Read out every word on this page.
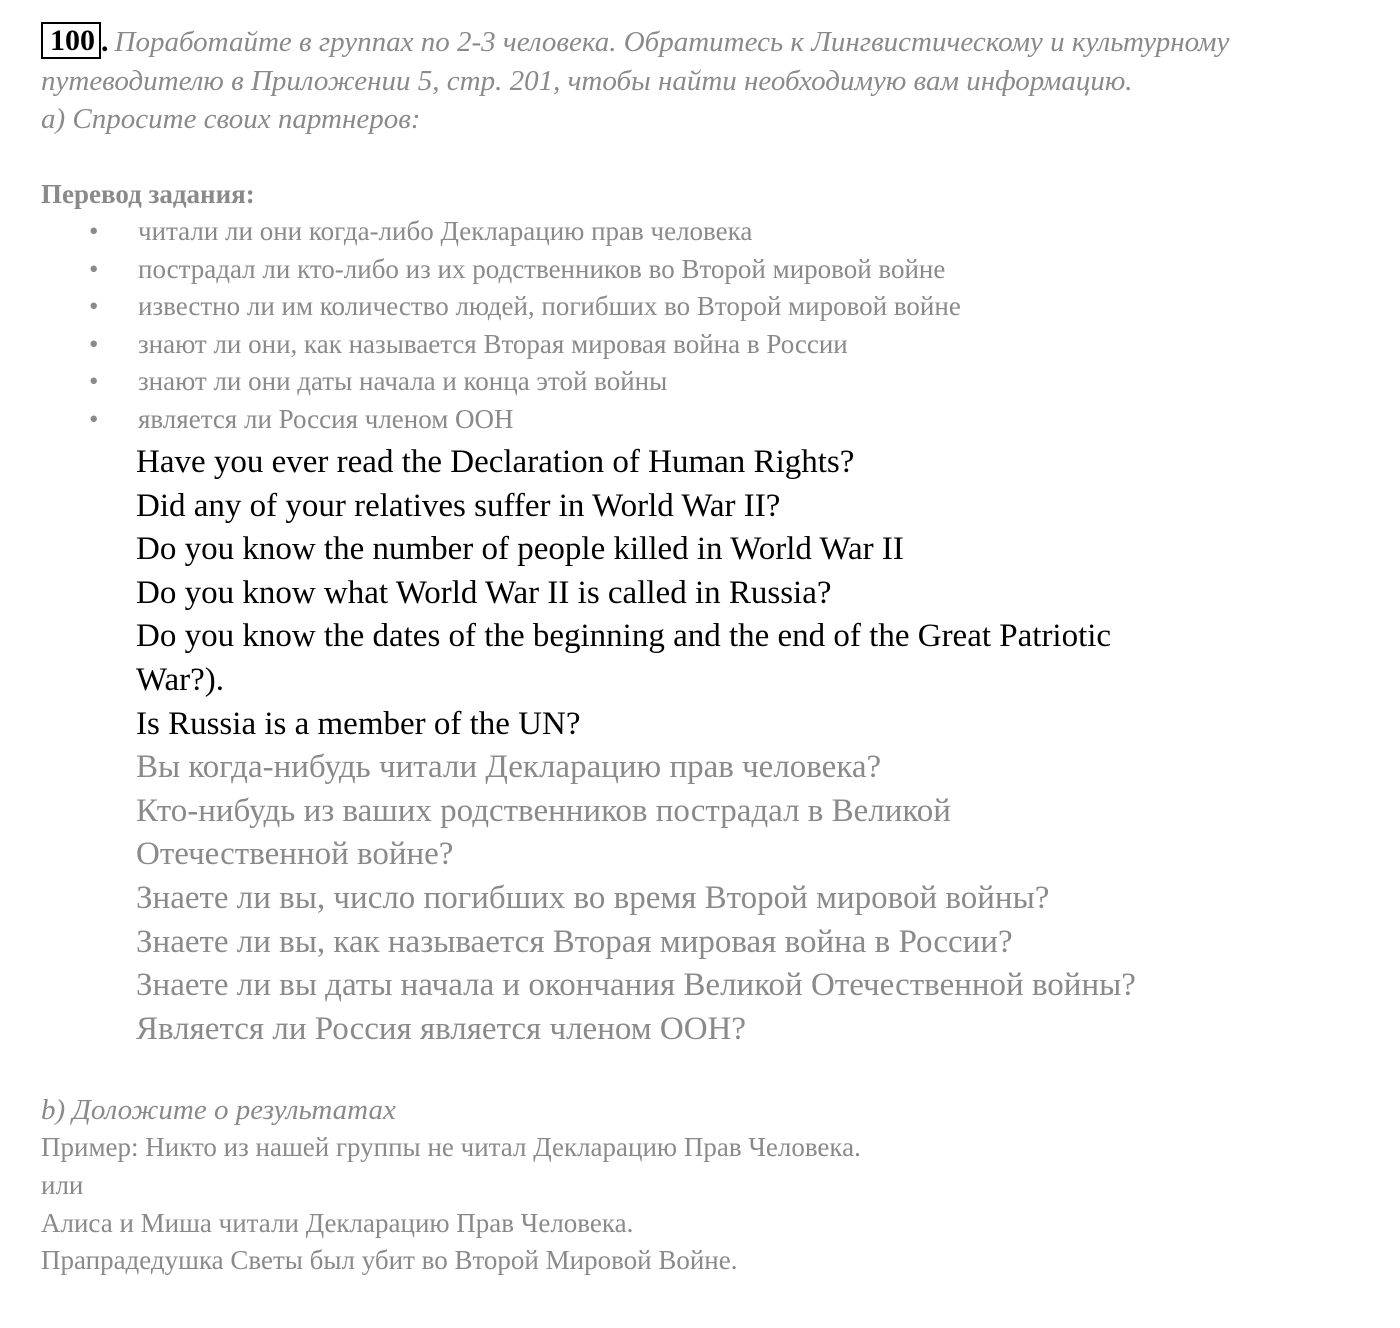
100 . Поработайте в группах по 2-3 человека. Обратитесь к Лингвистическому и культурному путеводителю в Приложении 5, стр. 201, чтобы найти необходимую вам информацию.

а) Спросите своих партнеров:

Перевод задания:

• читали ли они когда-либо Декларацию прав человека
• пострадал ли кто-либо из их родственников во Второй мировой войне
• известно ли им количество людей, погибших во Второй мировой войне
• знают ли они, как называется Вторая мировая война в России
• знают ли они даты начала и конца этой войны
• является ли Россия членом ООН

Have you ever read the Declaration of Human Rights?

Did any of your relatives suffer in World War II?

Do you know the number of people killed in World War II

Do you know what World War II is called in Russia?

Do you know the dates of the beginning and the end of the Great Patriotic

War?).

Is Russia is a member of the UN?

Вы когда-нибудь читали Декларацию прав человека?

Кто-нибудь из ваших родственников пострадал в Великой

Отечественной войне?

Знаете ли вы, число погибших во время Второй мировой войны?

Знаете ли вы, как называется Вторая мировая война в России?

Знаете ли вы даты начала и окончания Великой Отечественной войны?

Является ли Россия является членом ООН?

b) Доложите о результатах

Пример: Никто из нашей группы не читал Декларацию Прав Человека.

или

Алиса и Миша читали Декларацию Прав Человека.

Прапрадедушка Светы был убит во Второй Мировой Войне.
